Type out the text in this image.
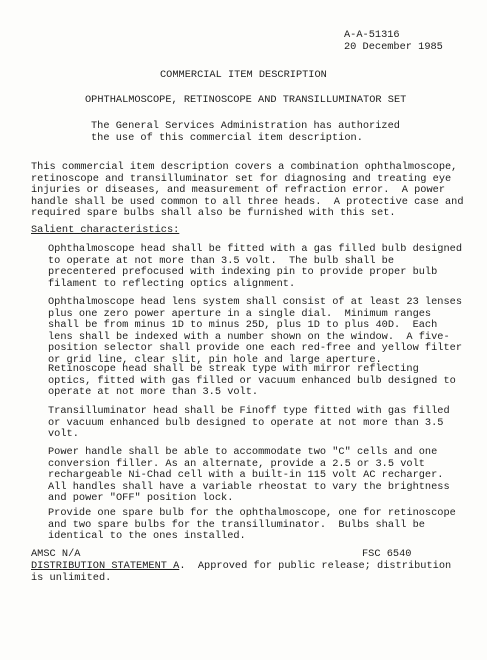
A-A-51316
20 December 1985
COMMERCIAL ITEM DESCRIPTION
OPHTHALMOSCOPE, RETINOSCOPE AND TRANSILLUMINATOR SET
The General Services Administration has authorized
the use of this commercial item description.
This commercial item description covers a combination ophthalmoscope,
retinoscope and transilluminator set for diagnosing and treating eye
injuries or diseases, and measurement of refraction error.  A power
handle shall be used common to all three heads.  A protective case and
required spare bulbs shall also be furnished with this set.
Salient characteristics:
Ophthalmoscope head shall be fitted with a gas filled bulb designed
to operate at not more than 3.5 volt.  The bulb shall be
precentered prefocused with indexing pin to provide proper bulb
filament to reflecting optics alignment.
Ophthalmoscope head lens system shall consist of at least 23 lenses
plus one zero power aperture in a single dial.  Minimum ranges
shall be from minus 1D to minus 25D, plus 1D to plus 40D.  Each
lens shall be indexed with a number shown on the window.  A five-
position selector shall provide one each red-free and yellow filter
or grid line, clear slit, pin hole and large aperture.
Retinoscope head shall be streak type with mirror reflecting
optics, fitted with gas filled or vacuum enhanced bulb designed to
operate at not more than 3.5 volt.
Transilluminator head shall be Finoff type fitted with gas filled
or vacuum enhanced bulb designed to operate at not more than 3.5
volt.
Power handle shall be able to accommodate two "C" cells and one
conversion filler. As an alternate, provide a 2.5 or 3.5 volt
rechargeable Ni-Chad cell with a built-in 115 volt AC recharger.
All handles shall have a variable rheostat to vary the brightness
and power "OFF" position lock.
Provide one spare bulb for the ophthalmoscope, one for retinoscope
and two spare bulbs for the transilluminator.  Bulbs shall be
identical to the ones installed.
AMSC N/A	FSC 6540
DISTRIBUTION STATEMENT A.  Approved for public release; distribution
is unlimited.
